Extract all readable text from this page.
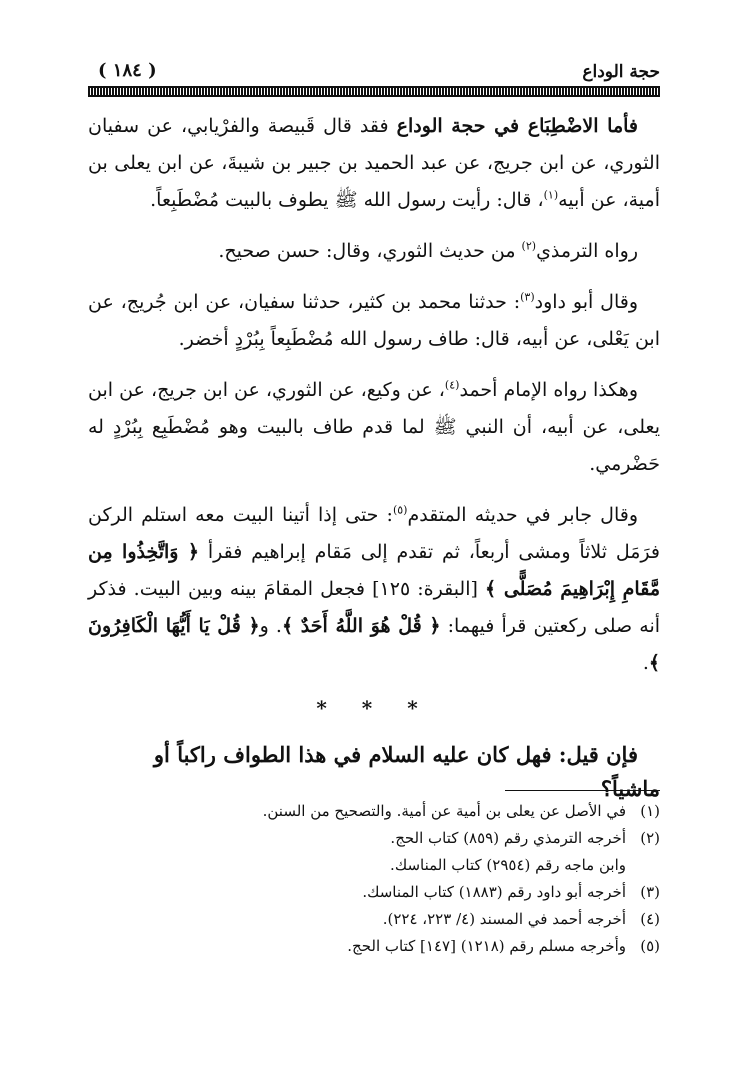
حجة الوداع
( ١٨٤ )

فأما الاضْطِبَاع في حجة الوداع فقد قال قَبيصة والفرْيابي، عن سفيان الثوري، عن ابن جريج، عن عبد الحميد بن جبير بن شيبةَ، عن ابن يعلى بن أمية، عن أبيه$^{(١)}$، قال: رأيت رسول الله ﷺ يطوف بالبيت مُضْطَبِعاً.

رواه الترمذي$^{(٢)}$ من حديث الثوري، وقال: حسن صحيح.

وقال أبو داود$^{(٣)}$: حدثنا محمد بن كثير، حدثنا سفيان، عن ابن جُريج، عن ابن يَعْلى، عن أبيه، قال: طاف رسول الله مُضْطَبِعاً بِبُرْدٍ أخضر.

وهكذا رواه الإمام أحمد$^{(٤)}$، عن وكيع، عن الثوري، عن ابن جريج، عن ابن يعلى، عن أبيه، أن النبي ﷺ لما قدم طاف بالبيت وهو مُضْطَبِع بِبُرْدٍ له حَضْرمي.

وقال جابر في حديثه المتقدم$^{(٥)}$: حتى إذا أتينا البيت معه استلم الركن فرَمَل ثلاثاً ومشى أربعاً، ثم تقدم إلى مَقام إبراهيم فقرأ ﴿ وَاتَّخِذُوا مِن مَّقَامِ إِبْرَاهِيمَ مُصَلًّى ﴾ [البقرة: ١٢٥] فجعل المقامَ بينه وبين البيت. فذكر أنه صلى ركعتين قرأ فيهما: ﴿ قُلْ هُوَ اللَّهُ أَحَدٌ ﴾. و﴿ قُلْ يَا أَيُّهَا الْكَافِرُونَ ﴾.

* * *

فإن قيل: فهل كان عليه السلام في هذا الطواف راكباً أو ماشياً؟

(١)
في الأصل عن يعلى بن أمية عن أمية. والتصحيح من السنن.
(٢)
أخرجه الترمذي رقم (٨٥٩) كتاب الحج.
وابن ماجه رقم (٢٩٥٤) كتاب المناسك.
(٣)
أخرجه أبو داود رقم (١٨٨٣) كتاب المناسك.
(٤)
أخرجه أحمد في المسند (٤/ ٢٢٣، ٢٢٤).
(٥)
وأخرجه مسلم رقم (١٢١٨) [١٤٧] كتاب الحج.
